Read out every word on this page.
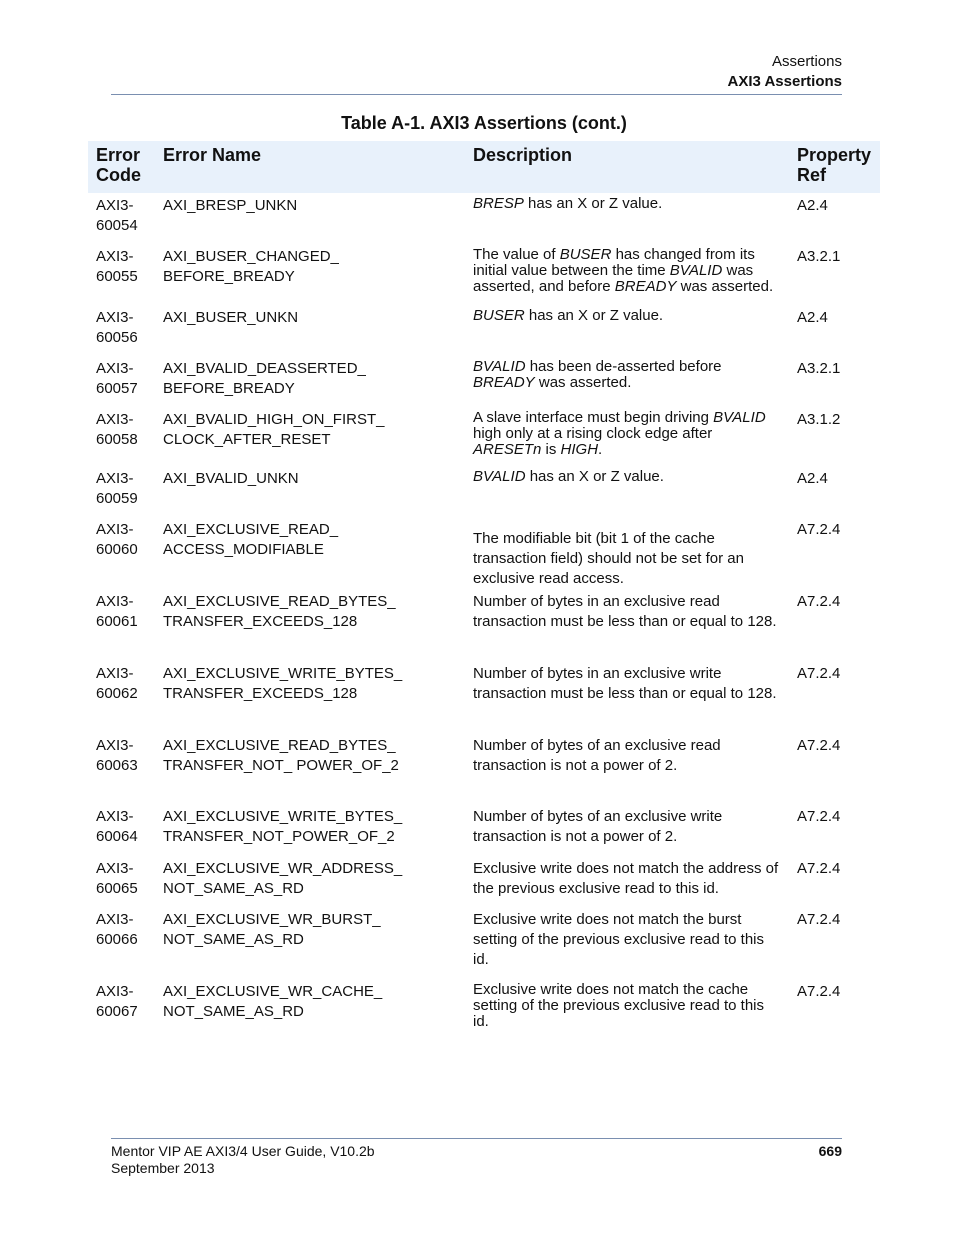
Assertions
AXI3 Assertions
Table A-1. AXI3 Assertions (cont.)
Error Code	Error Name	Description	Property Ref
AXI3-​60054	AXI_BRESP_UNKN	BRESP has an X or Z value.	A2.4
AXI3-​60055	AXI_BUSER_CHANGED_ BEFORE_BREADY	The value of BUSER has changed from its initial value between the time BVALID was asserted, and before BREADY was asserted.	A3.2.1
AXI3-​60056	AXI_BUSER_UNKN	BUSER has an X or Z value.	A2.4
AXI3-​60057	AXI_BVALID_DEASSERTED_ BEFORE_BREADY	BVALID has been de-asserted before BREADY was asserted.	A3.2.1
AXI3-​60058	AXI_BVALID_HIGH_ON_FIRST_ CLOCK_AFTER_RESET	A slave interface must begin driving BVALID high only at a rising clock edge after ARESETn is HIGH.	A3.1.2
AXI3-​60059	AXI_BVALID_UNKN	BVALID has an X or Z value.	A2.4
AXI3-​60060	AXI_EXCLUSIVE_READ_ ACCESS_MODIFIABLE	The modifiable bit (bit 1 of the cache transaction field) should not be set for an exclusive read access.	A7.2.4
AXI3-​60061	AXI_EXCLUSIVE_READ_BYTES_ TRANSFER_EXCEEDS_128	Number of bytes in an exclusive read transaction must be less than or equal to 128.	A7.2.4
AXI3-​60062	AXI_EXCLUSIVE_WRITE_BYTES_ TRANSFER_EXCEEDS_128	Number of bytes in an exclusive write transaction must be less than or equal to 128.	A7.2.4
AXI3-​60063	AXI_EXCLUSIVE_READ_BYTES_ TRANSFER_NOT_ POWER_OF_2	Number of bytes of an exclusive read transaction is not a power of 2.	A7.2.4
AXI3-​60064	AXI_EXCLUSIVE_WRITE_BYTES_ TRANSFER_NOT_POWER_OF_2	Number of bytes of an exclusive write transaction is not a power of 2.	A7.2.4
AXI3-​60065	AXI_EXCLUSIVE_WR_ADDRESS_ NOT_SAME_AS_RD	Exclusive write does not match the address of the previous exclusive read to this id.	A7.2.4
AXI3-​60066	AXI_EXCLUSIVE_WR_BURST_ NOT_SAME_AS_RD	Exclusive write does not match the burst setting of the previous exclusive read to this id.	A7.2.4
AXI3-​60067	AXI_EXCLUSIVE_WR_CACHE_ NOT_SAME_AS_RD	Exclusive write does not match the cache setting of the previous exclusive read to this id.	A7.2.4
Mentor VIP AE AXI3/4 User Guide, V10.2b
September 2013
669
